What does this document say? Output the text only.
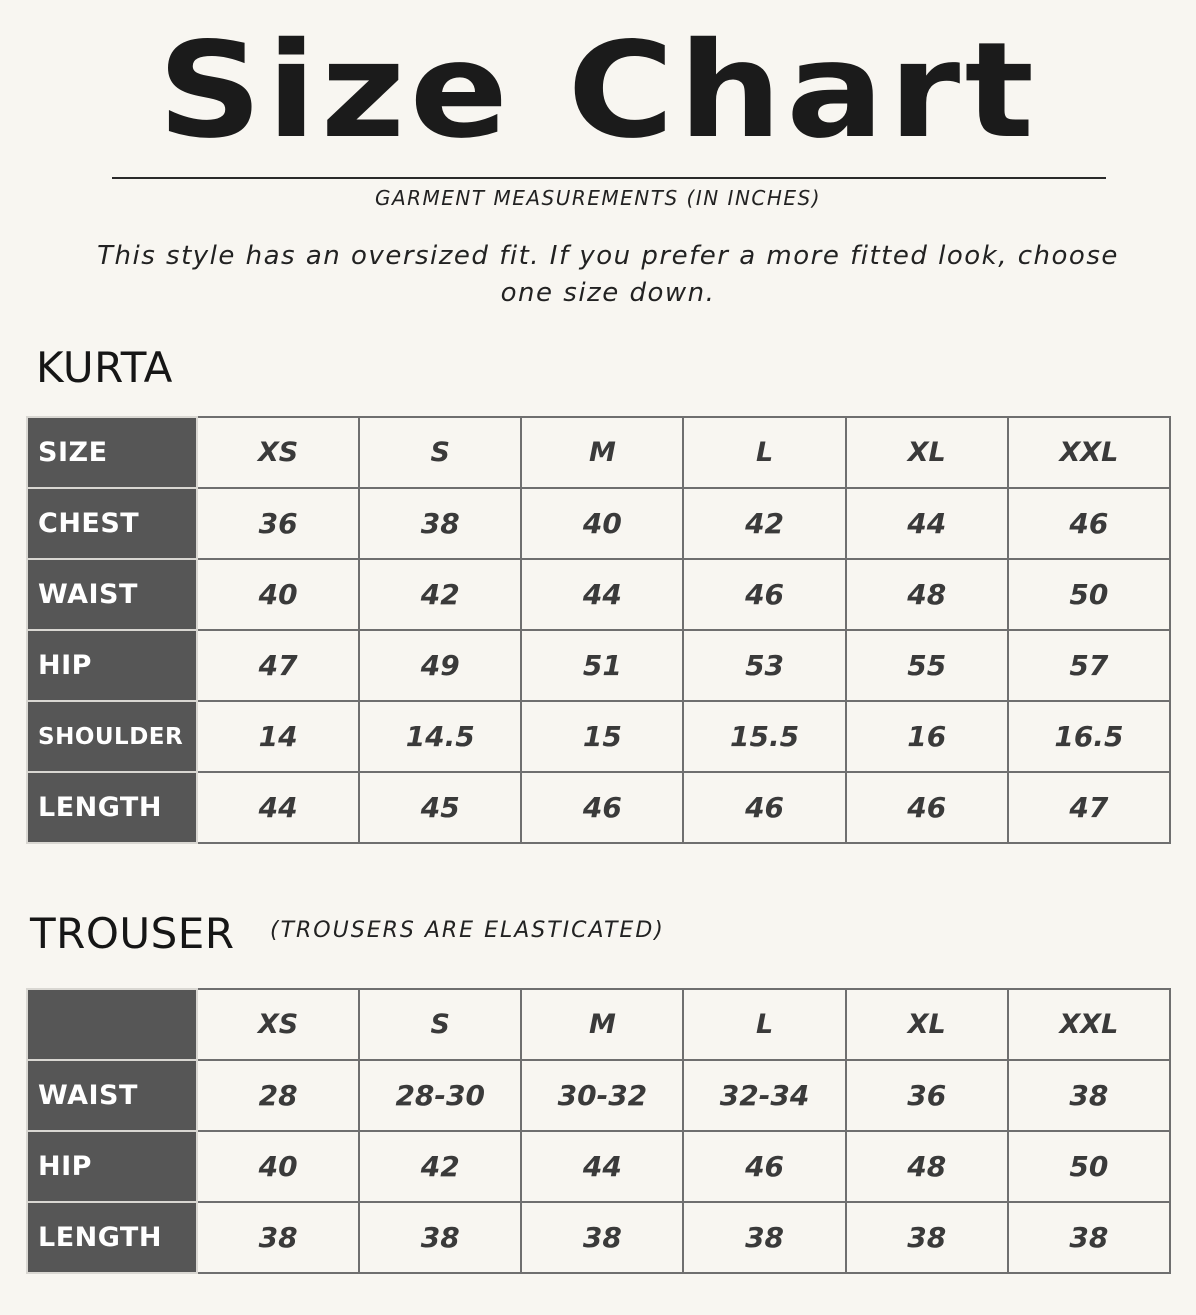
Size Chart
GARMENT MEASUREMENTS (IN INCHES)
This style has an oversized fit. If you prefer a more fitted look, choose one size down.
KURTA
SIZE	XS	S	M	L	XL	XXL
CHEST	36	38	40	42	44	46
WAIST	40	42	44	46	48	50
HIP	47	49	51	53	55	57
SHOULDER	14	14.5	15	15.5	16	16.5
LENGTH	44	45	46	46	46	47
TROUSER (TROUSERS ARE ELASTICATED)
	XS	S	M	L	XL	XXL
WAIST	28	28-30	30-32	32-34	36	38
HIP	40	42	44	46	48	50
LENGTH	38	38	38	38	38	38
